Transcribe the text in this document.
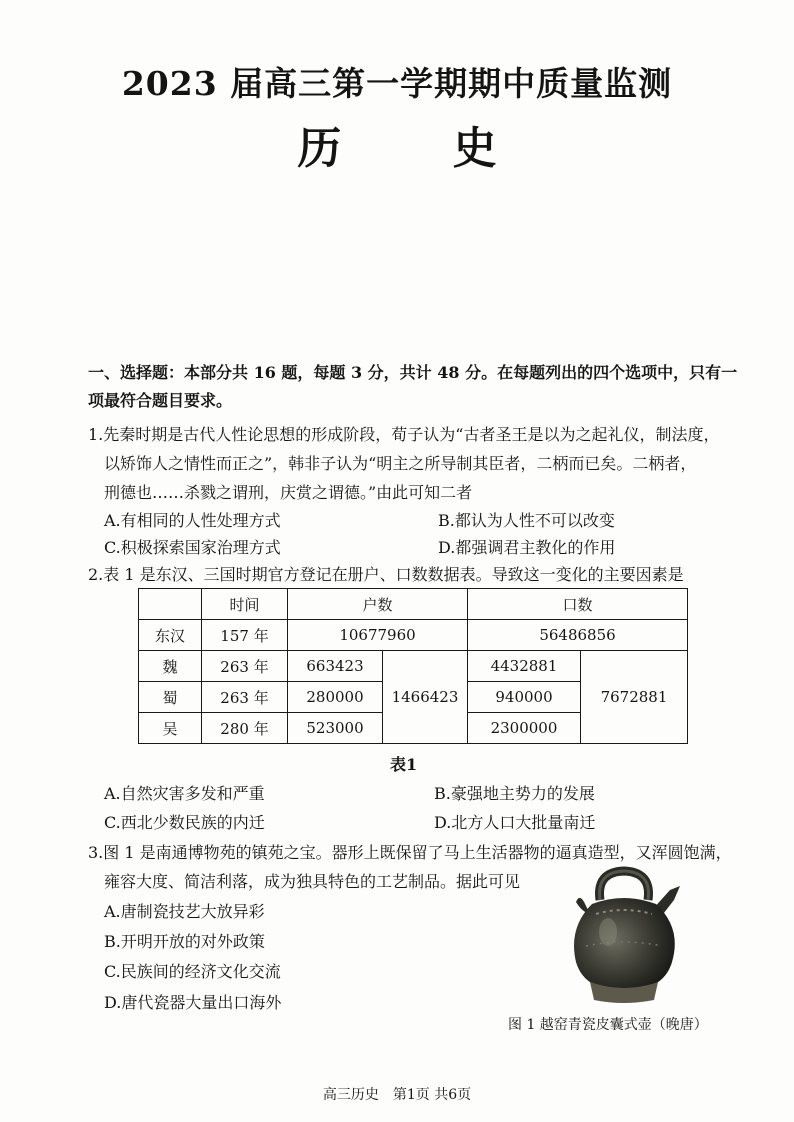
2023 届高三第一学期期中质量监测
历 史
一、选择题：本部分共 16 题，每题 3 分，共计 48 分。在每题列出的四个选项中，只有一
项最符合题目要求。
1.先秦时期是古代人性论思想的形成阶段，荀子认为“古者圣王是以为之起礼仪，制法度，
以矫饰人之情性而正之”，韩非子认为“明主之所导制其臣者，二柄而已矣。二柄者，
刑德也……杀戮之谓刑，庆赏之谓德。”由此可知二者
A.有相同的人性处理方式	B.都认为人性不可以改变
C.积极探索国家治理方式	D.都强调君主教化的作用
2.表 1 是东汉、三国时期官方登记在册户、口数数据表。导致这一变化的主要因素是
	时间	户数		口数	
东汉	157 年	10677960		56486856	
魏	263 年	663423	1466423	4432881	7672881
蜀	263 年	280000		940000	
吴	280 年	523000		2300000	
表1
A.自然灾害多发和严重	B.豪强地主势力的发展
C.西北少数民族的内迁	D.北方人口大批量南迁
3.图 1 是南通博物苑的镇苑之宝。器形上既保留了马上生活器物的逼真造型，又浑圆饱满，
雍容大度、简洁利落，成为独具特色的工艺制品。据此可见
A.唐制瓷技艺大放异彩
B.开明开放的对外政策
C.民族间的经济文化交流
D.唐代瓷器大量出口海外
图 1 越窑青瓷皮囊式壶（晚唐）
高三历史　第1页 共6页
